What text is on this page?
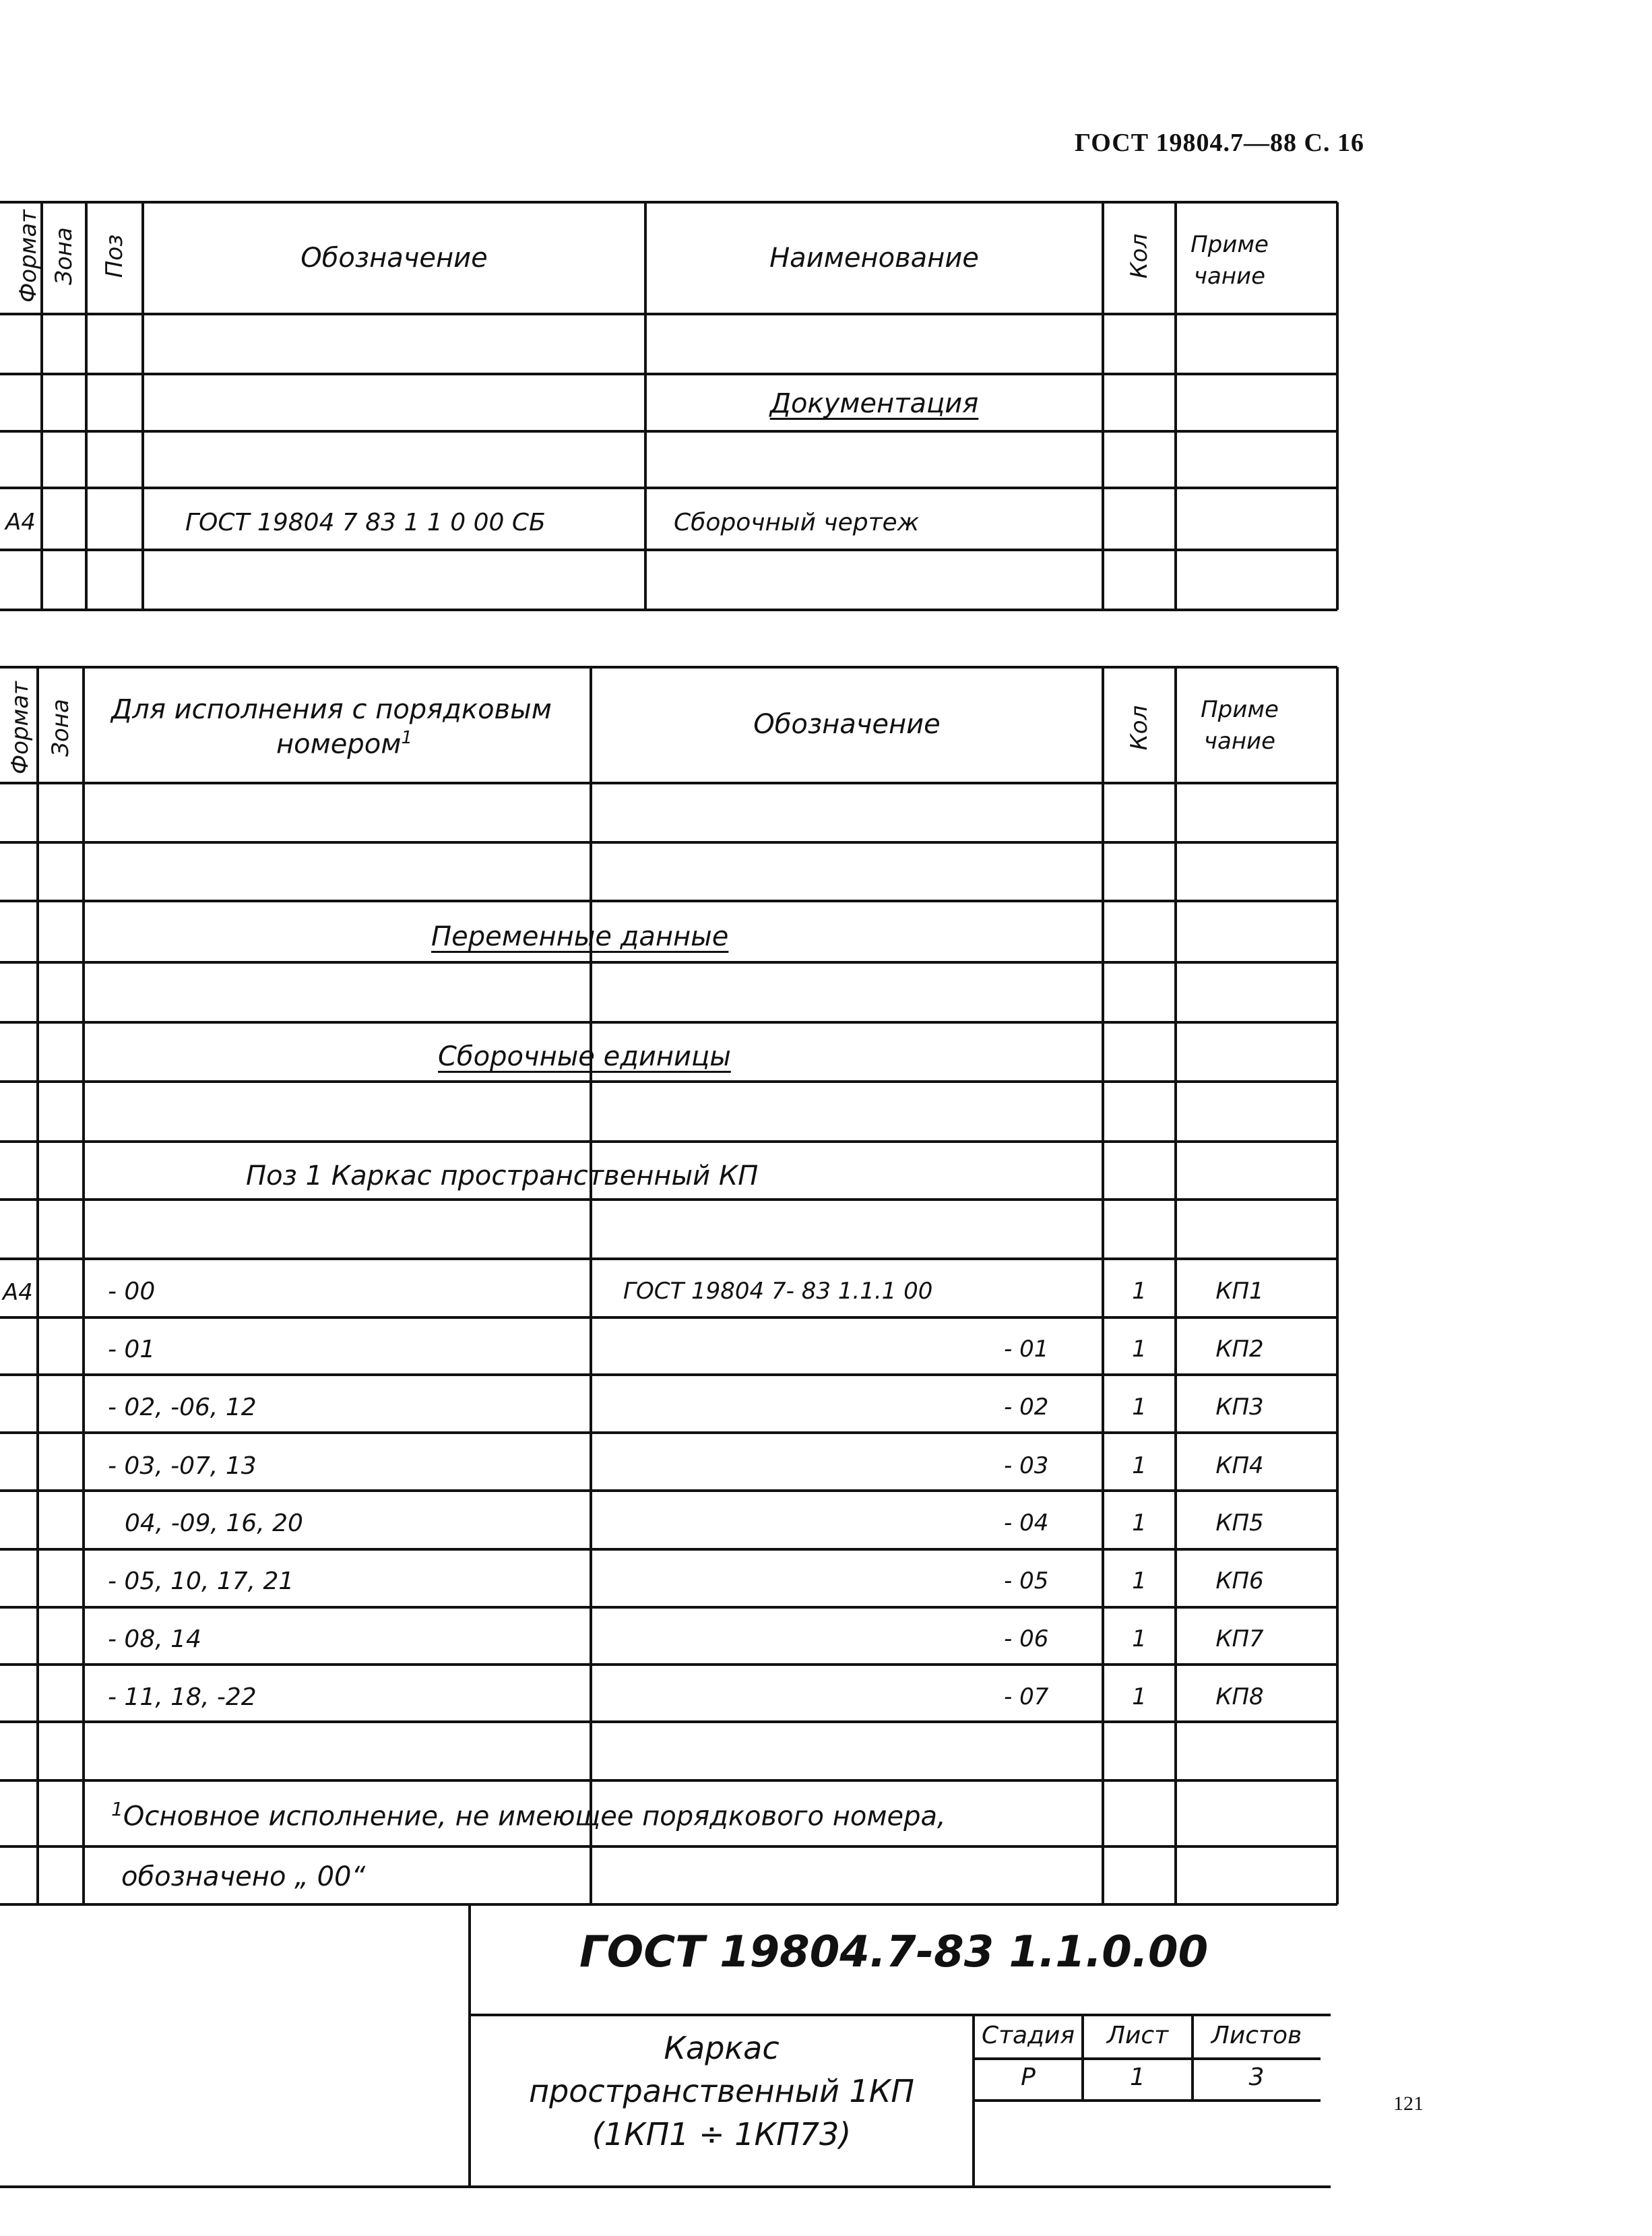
ГОСТ 19804.7—88 С. 16
Формат Зона Поз	Обозначение	Наименование	Кол	Приме
чание
Документация
А4	ГОСТ 19804 7 83 1 1 0 00 СБ	Сборочный чертеж
Формат Зона Для исполнения с порядковым
номером$^1$	Обозначение	Кол	Приме
чание
Переменные данные
Сборочные единицы
Поз 1 Каркас пространственный КП
А4	- 00	ГОСТ 19804 7- 83 1.1.1 00	1	КП1
- 01	- 01	1	КП2
- 02, -06, 12	- 02	1	КП3
- 03, -07, 13	- 03	1	КП4
04, -09, 16, 20	- 04	1	КП5
- 05, 10, 17, 21	- 05	1	КП6
- 08, 14	- 06	1	КП7
- 11, 18, -22	- 07	1	КП8
$^1$Основное исполнение, не имеющее порядкового номера,
обозначено „ 00“
ГОСТ 19804.7-83 1.1.0.00
Каркас
пространственный 1КП
(1КП1 ÷ 1КП73)
Стадия	Лист	Листов
Р	1	3
121
